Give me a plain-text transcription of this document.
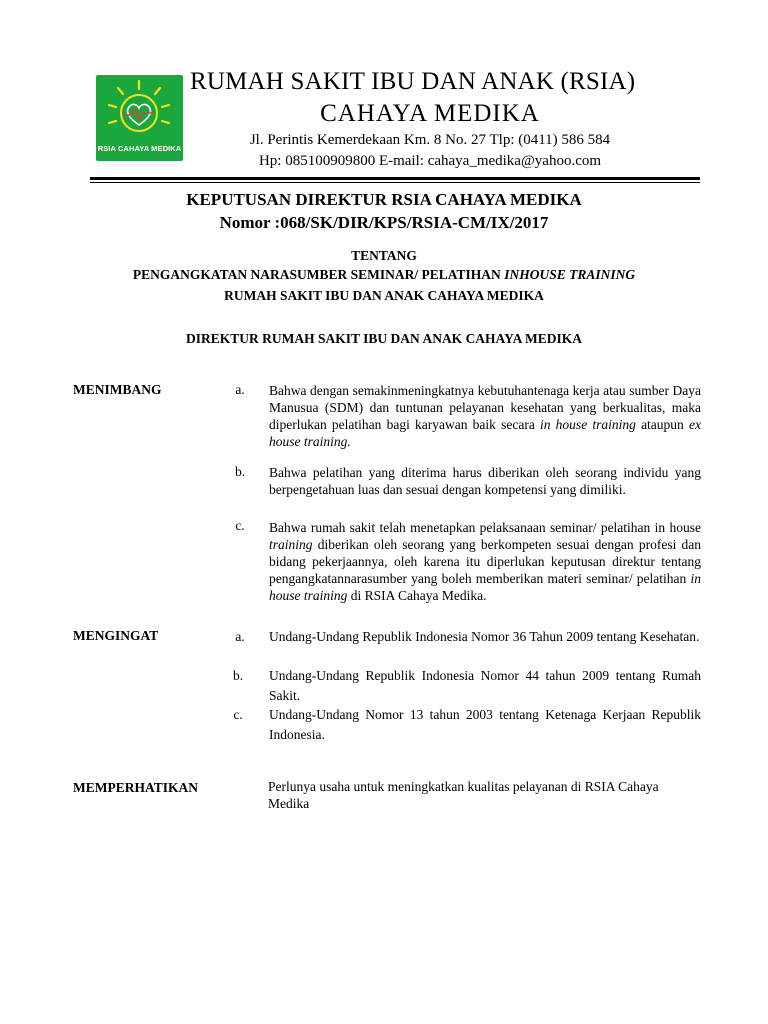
RSIA CAHAYA MEDIKA
RUMAH SAKIT IBU DAN ANAK (RSIA)
CAHAYA MEDIKA
Jl. Perintis Kemerdekaan Km. 8 No. 27 Tlp: (0411) 586 584
Hp: 085100909800 E-mail: cahaya_medika@yahoo.com
KEPUTUSAN DIREKTUR RSIA CAHAYA MEDIKA
Nomor :068/SK/DIR/KPS/RSIA-CM/IX/2017
TENTANG
PENGANGKATAN NARASUMBER SEMINAR/ PELATIHAN INHOUSE TRAINING
RUMAH SAKIT IBU DAN ANAK CAHAYA MEDIKA
DIREKTUR RUMAH SAKIT IBU DAN ANAK CAHAYA MEDIKA
MENIMBANG	a.	Bahwa dengan semakinmeningkatnya kebutuhantenaga kerja atau sumber Daya Manusua (SDM) dan tuntunan pelayanan kesehatan yang berkualitas, maka diperlukan pelatihan bagi karyawan baik secara in house training ataupun ex house training.
b.	Bahwa pelatihan yang diterima harus diberikan oleh seorang individu yang berpengetahuan luas dan sesuai dengan kompetensi yang dimiliki.
c.	Bahwa rumah sakit telah menetapkan pelaksanaan seminar/ pelatihan in house training diberikan oleh seorang yang berkompeten sesuai dengan profesi dan bidang pekerjaannya, oleh karena itu diperlukan keputusan direktur tentang pengangkatannarasumber yang boleh memberikan materi seminar/ pelatihan in house training di RSIA Cahaya Medika.
MENGINGAT	a.	Undang-Undang Republik Indonesia Nomor 36 Tahun 2009 tentang Kesehatan.
b.	Undang-Undang Republik Indonesia Nomor 44 tahun 2009 tentang Rumah Sakit.
c.	Undang-Undang Nomor 13 tahun 2003 tentang Ketenaga Kerjaan Republik Indonesia.
MEMPERHATIKAN	Perlunya usaha untuk meningkatkan kualitas pelayanan di RSIA Cahaya Medika
